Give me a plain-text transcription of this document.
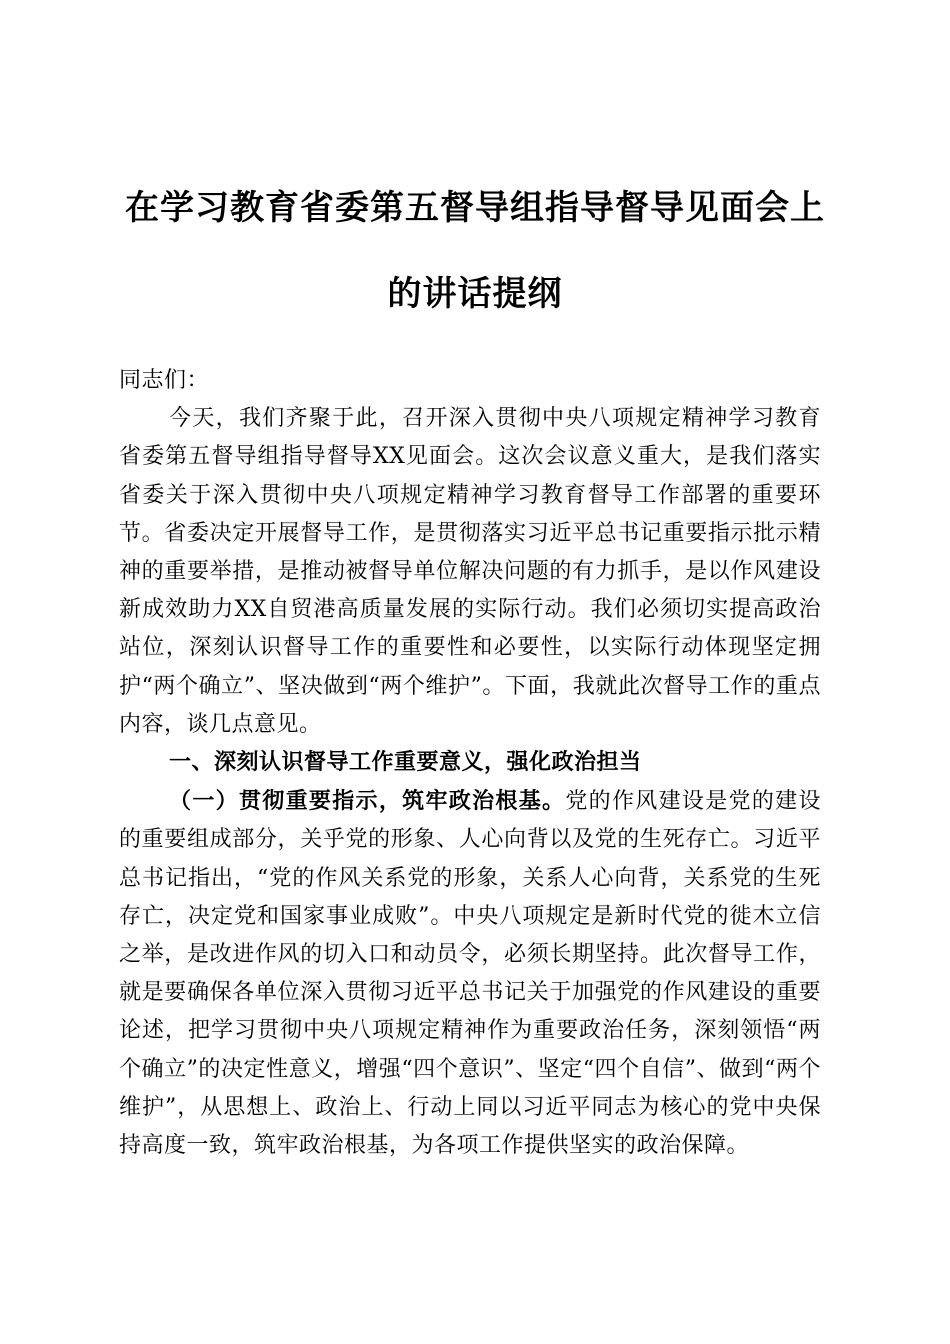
在学习教育省委第五督导组指导督导见面会上
的讲话提纲

同志们：

今天，我们齐聚于此，召开深入贯彻中央八项规定精神学习教育省委第五督导组指导督导XX见面会。这次会议意义重大，是我们落实省委关于深入贯彻中央八项规定精神学习教育督导工作部署的重要环节。省委决定开展督导工作，是贯彻落实习近平总书记重要指示批示精神的重要举措，是推动被督导单位解决问题的有力抓手，是以作风建设新成效助力XX自贸港高质量发展的实际行动。我们必须切实提高政治站位，深刻认识督导工作的重要性和必要性，以实际行动体现坚定拥护“两个确立”、坚决做到“两个维护”。下面，我就此次督导工作的重点内容，谈几点意见。

一、深刻认识督导工作重要意义，强化政治担当

（一）贯彻重要指示，筑牢政治根基。党的作风建设是党的建设的重要组成部分，关乎党的形象、人心向背以及党的生死存亡。习近平总书记指出，“党的作风关系党的形象，关系人心向背，关系党的生死存亡，决定党和国家事业成败”。中央八项规定是新时代党的徙木立信之举，是改进作风的切入口和动员令，必须长期坚持。此次督导工作，就是要确保各单位深入贯彻习近平总书记关于加强党的作风建设的重要论述，把学习贯彻中央八项规定精神作为重要政治任务，深刻领悟“两个确立”的决定性意义，增强“四个意识”、坚定“四个自信”、做到“两个维护”，从思想上、政治上、行动上同以习近平同志为核心的党中央保持高度一致，筑牢政治根基，为各项工作提供坚实的政治保障。
